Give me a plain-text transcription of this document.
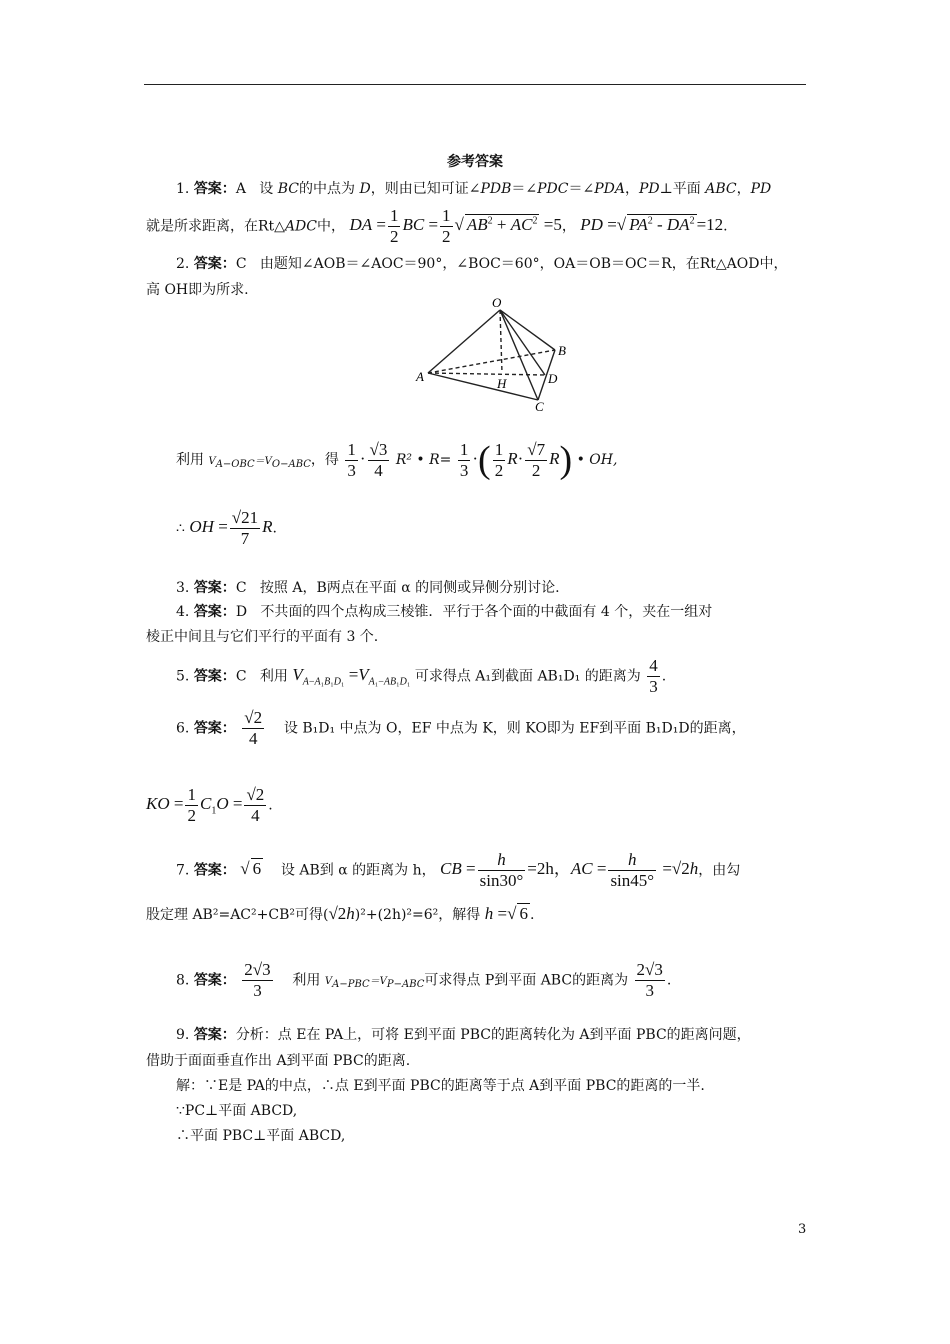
参考答案
1. 答案：A 设 BC的中点为 D，则由已知可证∠PDB＝∠PDC＝∠PDA，PD⊥平面 ABC，PD
就是所求距离，在Rt△ADC中， DA = $\frac{1}{2}$ BC = $\frac{1}{2}$ √ $AB^2 + AC^2 =5$， PD =√ $PA^2 - DA^2 =12$.
2. 答案：C 由题知∠AOB＝∠AOC＝90°，∠BOC＝60°，OA＝OB＝OC＝R，在Rt△AOD中，
高 OH即为所求.
O
A
B
H	D
C
利用 $V_{A-OBC}=V_{O-ABC}$，得 $\frac{1}{3} \cdot \frac{√3}{4} R^2$ • $R= \frac{1}{3}$ ·( $\frac{1}{2} R\cdot \frac{√7}{2} R$) • OH,
∴ OH = $\frac{√21}{7} R$.
3. 答案：C 按照 A，B两点在平面 α 的同侧或异侧分别讨论.
4. 答案：D 不共面的四个点构成三棱锥．平行于各个面的中截面有 4 个，夹在一组对
棱正中间且与它们平行的平面有 3 个.
5. 答案：C 利用 $V_{A-A_1B_1D_1} =V_{A_1-AB_1D_1}$ 可求得点 A₁到截面 AB₁D₁ 的距离为 $\frac{4}{3}$ .
6. 答案： $\frac{√2}{4}$ 设 B₁D₁ 中点为 O，EF 中点为 K，则 KO即为 EF到平面 B₁D₁D的距离，
KO = $\frac{1}{2} C_1O = \frac{√2}{4}$ .
7. 答案： √ 6 设 AB到 α 的距离为 h， CB = $\frac{h}{\sin 30^\circ} =2h$，AC = $\frac{h}{\sin 45^\circ} =√2h$，由勾
股定理 AB²=AC²+CB²可得(√2h)²+(2h)²=6²，解得 h =√ 6 .
8. 答案： $\frac{2√3}{3}$ 利用 $V_{A-PBC}=V_{P-ABC}$可求得点 P到平面 ABC的距离为 $\frac{2√3}{3}$ .
9. 答案：分析：点 E在 PA上，可将 E到平面 PBC的距离转化为 A到平面 PBC的距离问题，
借助于面面垂直作出 A到平面 PBC的距离.
解：∵E是 PA的中点，∴点 E到平面 PBC的距离等于点 A到平面 PBC的距离的一半.
∵PC⊥平面 ABCD,
∴平面 PBC⊥平面 ABCD,
3
